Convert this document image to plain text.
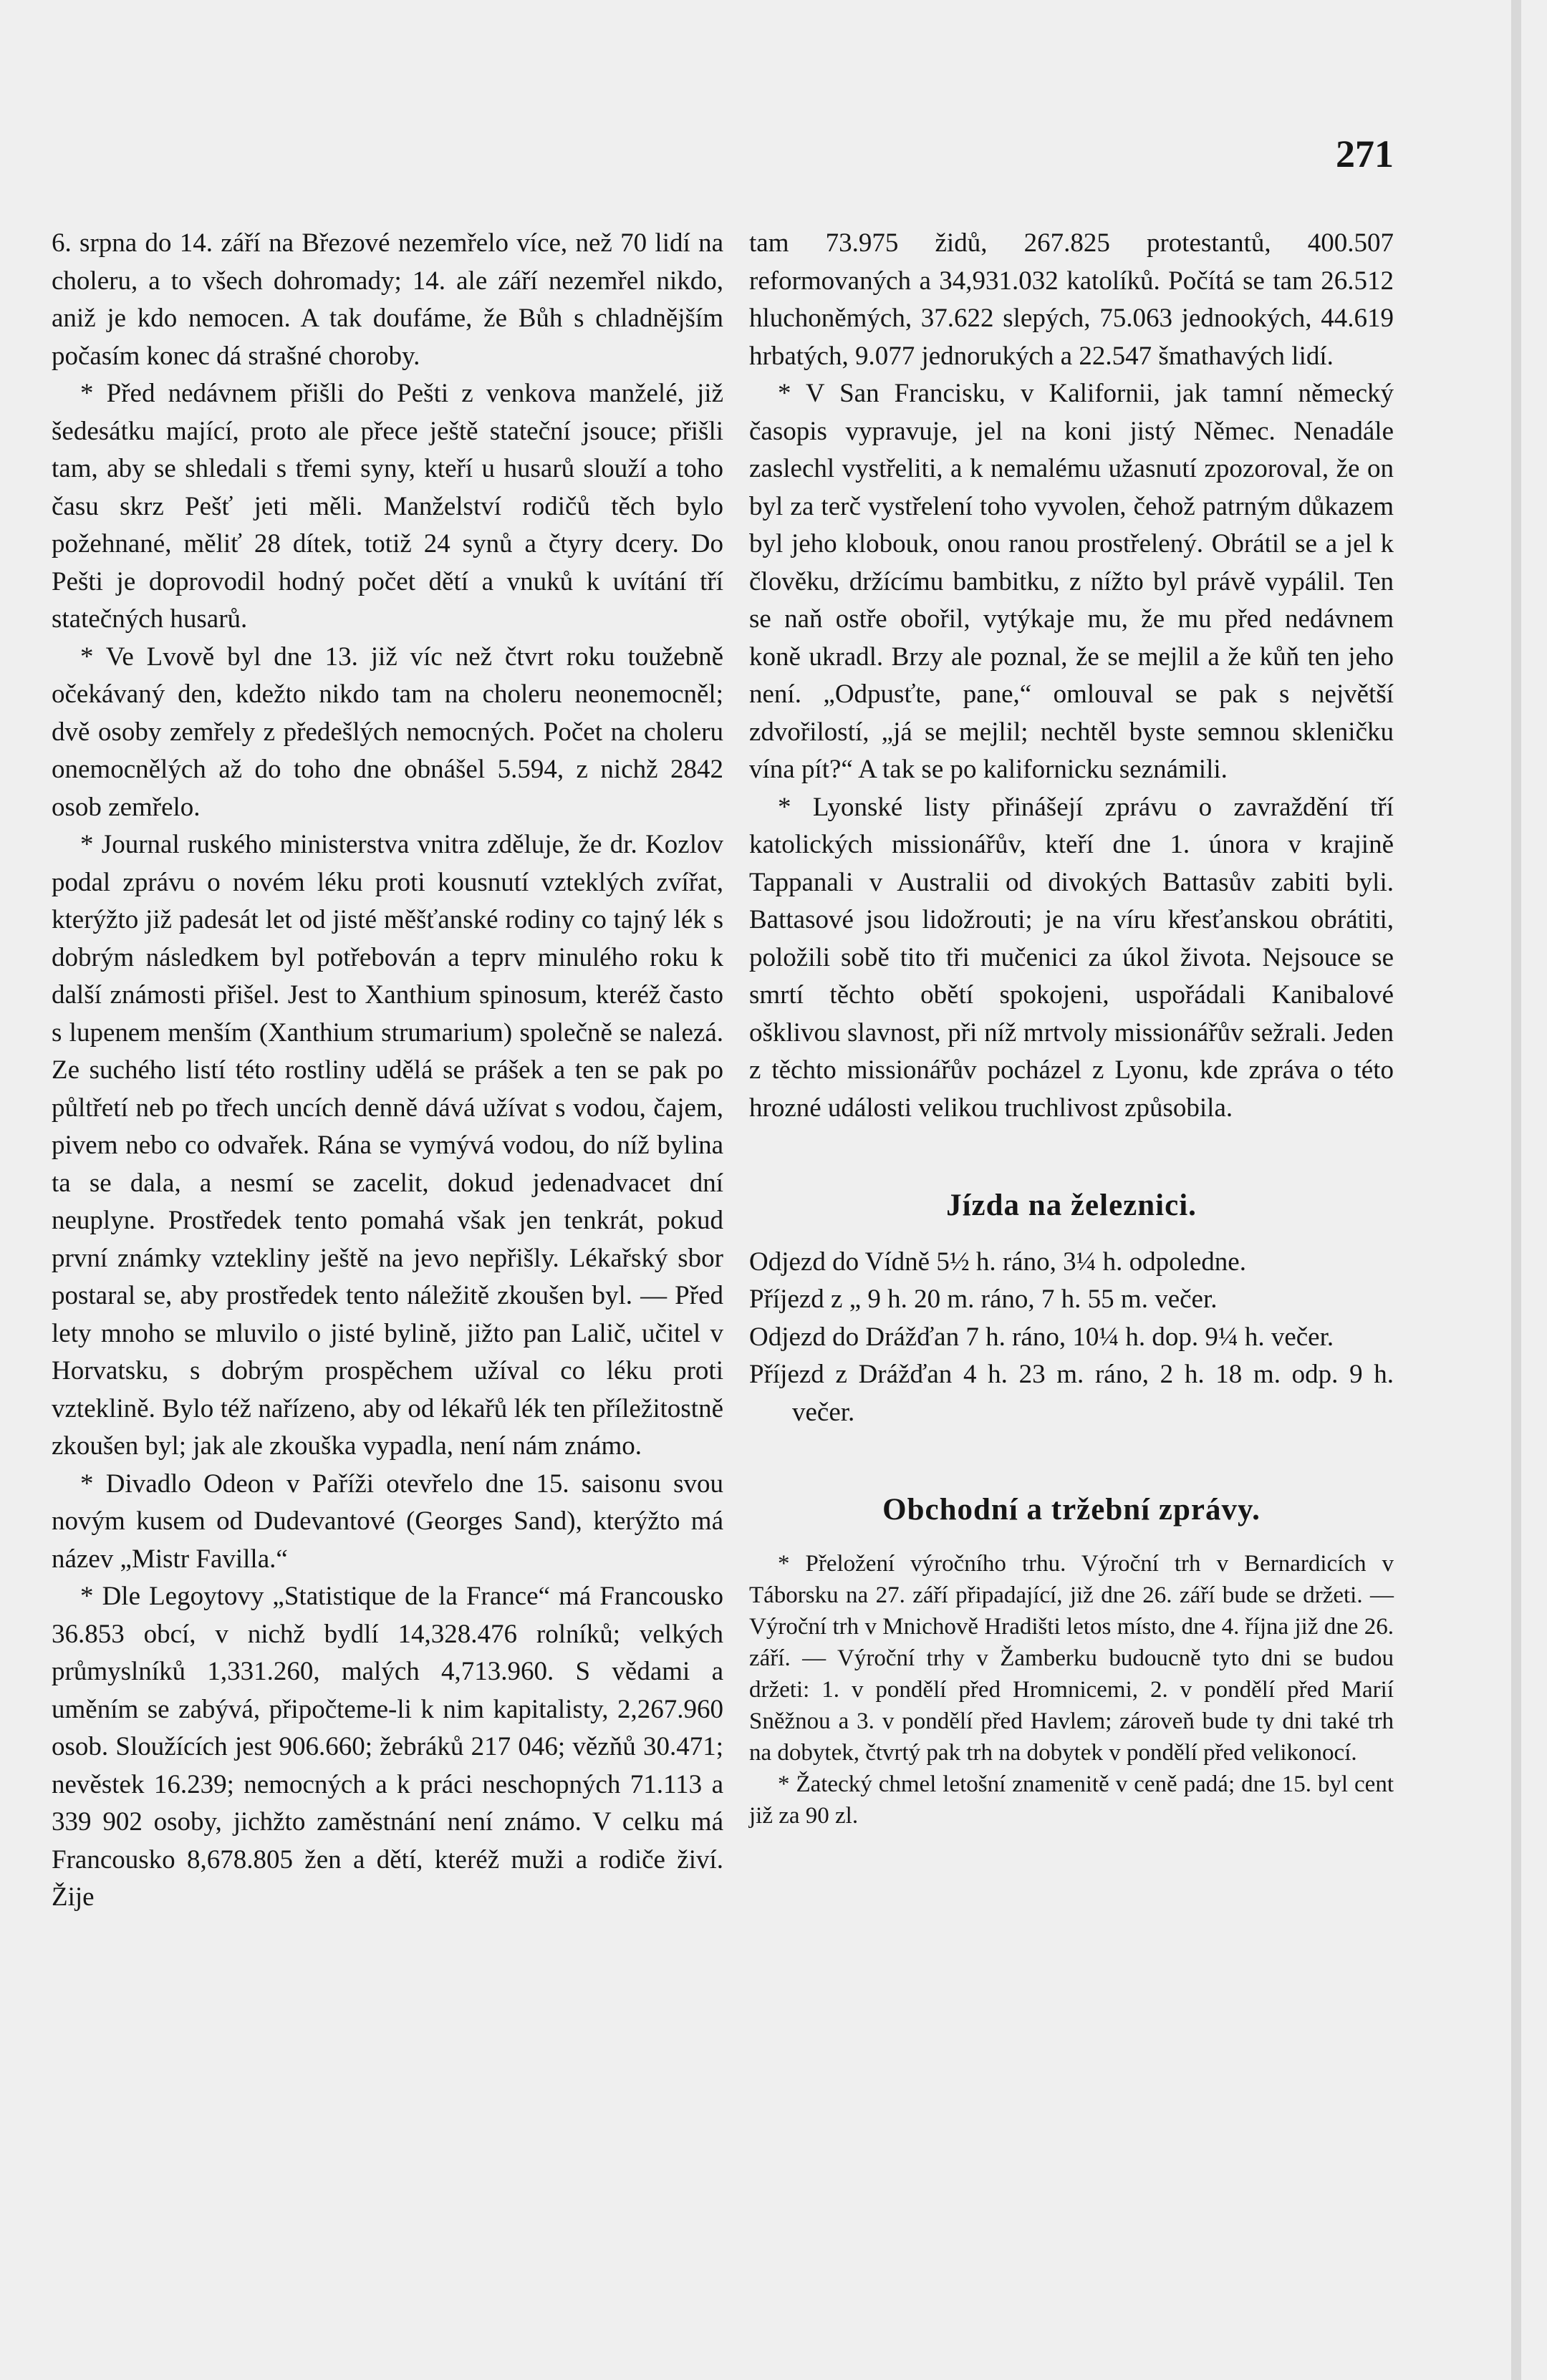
271

6. srpna do 14. září na Březové nezemřelo více, než 70 lidí na choleru, a to všech dohromady; 14. ale září nezemřel nikdo, aniž je kdo nemocen. A tak doufáme, že Bůh s chladnějším počasím konec dá strašné choroby.

* Před nedávnem přišli do Pešti z venkova manželé, již šedesátku mající, proto ale přece ještě stateční jsouce; přišli tam, aby se shledali s třemi syny, kteří u husarů slouží a toho času skrz Pešť jeti měli. Manželství rodičů těch bylo požehnané, měliť 28 dítek, totiž 24 synů a čtyry dcery. Do Pešti je doprovodil hodný počet dětí a vnuků k uvítání tří statečných husarů.

* Ve Lvově byl dne 13. již víc než čtvrt roku toužebně očekávaný den, kdežto nikdo tam na choleru neonemocněl; dvě osoby zemřely z předešlých nemocných. Počet na choleru onemocnělých až do toho dne obnášel 5.594, z nichž 2842 osob zemřelo.

* Journal ruského ministerstva vnitra zděluje, že dr. Kozlov podal zprávu o novém léku proti kousnutí vzteklých zvířat, kterýžto již padesát let od jisté měšťanské rodiny co tajný lék s dobrým následkem byl potřebován a teprv minulého roku k další známosti přišel. Jest to Xanthium spinosum, kteréž často s lupenem menším (Xanthium strumarium) společně se nalezá. Ze suchého listí této rostliny udělá se prášek a ten se pak po půltřetí neb po třech uncích denně dává užívat s vodou, čajem, pivem nebo co odvařek. Rána se vymývá vodou, do níž bylina ta se dala, a nesmí se zacelit, dokud jedenadvacet dní neuplyne. Prostředek tento pomahá však jen tenkrát, pokud první známky vztekliny ještě na jevo nepřišly. Lékařský sbor postaral se, aby prostředek tento náležitě zkoušen byl. — Před lety mnoho se mluvilo o jisté bylině, jižto pan Lalič, učitel v Horvatsku, s dobrým prospěchem užíval co léku proti vzteklině. Bylo též nařízeno, aby od lékařů lék ten příležitostně zkoušen byl; jak ale zkouška vypadla, není nám známo.

* Divadlo Odeon v Paříži otevřelo dne 15. saisonu svou novým kusem od Dudevantové (Georges Sand), kterýžto má název „Mistr Favilla.“

* Dle Legoytovy „Statistique de la France“ má Francousko 36.853 obcí, v nichž bydlí 14,328.476 rolníků; velkých průmyslníků 1,331.260, malých 4,713.960. S vědami a uměním se zabývá, připočteme-li k nim kapitalisty, 2,267.960 osob. Sloužících jest 906.660; žebráků 217 046; vězňů 30.471; nevěstek 16.239; nemocných a k práci neschopných 71.113 a 339 902 osoby, jichžto zaměstnání není známo. V celku má Francousko 8,678.805 žen a dětí, kteréž muži a rodiče živí. Žije

tam 73.975 židů, 267.825 protestantů, 400.507 reformovaných a 34,931.032 katolíků. Počítá se tam 26.512 hluchoněmých, 37.622 slepých, 75.063 jednookých, 44.619 hrbatých, 9.077 jednorukých a 22.547 šmathavých lidí.

* V San Francisku, v Kalifornii, jak tamní německý časopis vypravuje, jel na koni jistý Němec. Nenadále zaslechl vystřeliti, a k nemalému užasnutí zpozoroval, že on byl za terč vystřelení toho vyvolen, čehož patrným důkazem byl jeho klobouk, onou ranou prostřelený. Obrátil se a jel k člověku, držícímu bambitku, z nížto byl právě vypálil. Ten se naň ostře obořil, vytýkaje mu, že mu před nedávnem koně ukradl. Brzy ale poznal, že se mejlil a že kůň ten jeho není. „Odpusťte, pane,“ omlouval se pak s největší zdvořilostí, „já se mejlil; nechtěl byste semnou skleničku vína pít?“ A tak se po kalifornicku seznámili.

* Lyonské listy přinášejí zprávu o zavraždění tří katolických missionářův, kteří dne 1. února v krajině Tappanali v Australii od divokých Battasův zabiti byli. Battasové jsou lidožrouti; je na víru křesťanskou obrátiti, položili sobě tito tři mučenici za úkol života. Nejsouce se smrtí těchto obětí spokojeni, uspořádali Kanibalové ošklivou slavnost, při níž mrtvoly missionářův sežrali. Jeden z těchto missionářův pocházel z Lyonu, kde zpráva o této hrozné události velikou truchlivost způsobila.

Jízda na železnici.

Odjezd do Vídně 5½ h. ráno, 3¼ h. odpoledne.

Příjezd z „ 9 h. 20 m. ráno, 7 h. 55 m. večer.

Odjezd do Drážďan 7 h. ráno, 10¼ h. dop. 9¼ h. večer.

Příjezd z Drážďan 4 h. 23 m. ráno, 2 h. 18 m. odp. 9 h. večer.

Obchodní a tržební zprávy.

* Přeložení výročního trhu. Výroční trh v Bernardicích v Táborsku na 27. září připadající, již dne 26. září bude se držeti. — Výroční trh v Mnichově Hradišti letos místo, dne 4. října již dne 26. září. — Výroční trhy v Žamberku budoucně tyto dni se budou držeti: 1. v pondělí před Hromnicemi, 2. v pondělí před Marií Sněžnou a 3. v pondělí před Havlem; zároveň bude ty dni také trh na dobytek, čtvrtý pak trh na dobytek v pondělí před velikonocí.

* Žatecký chmel letošní znamenitě v ceně padá; dne 15. byl cent již za 90 zl.
